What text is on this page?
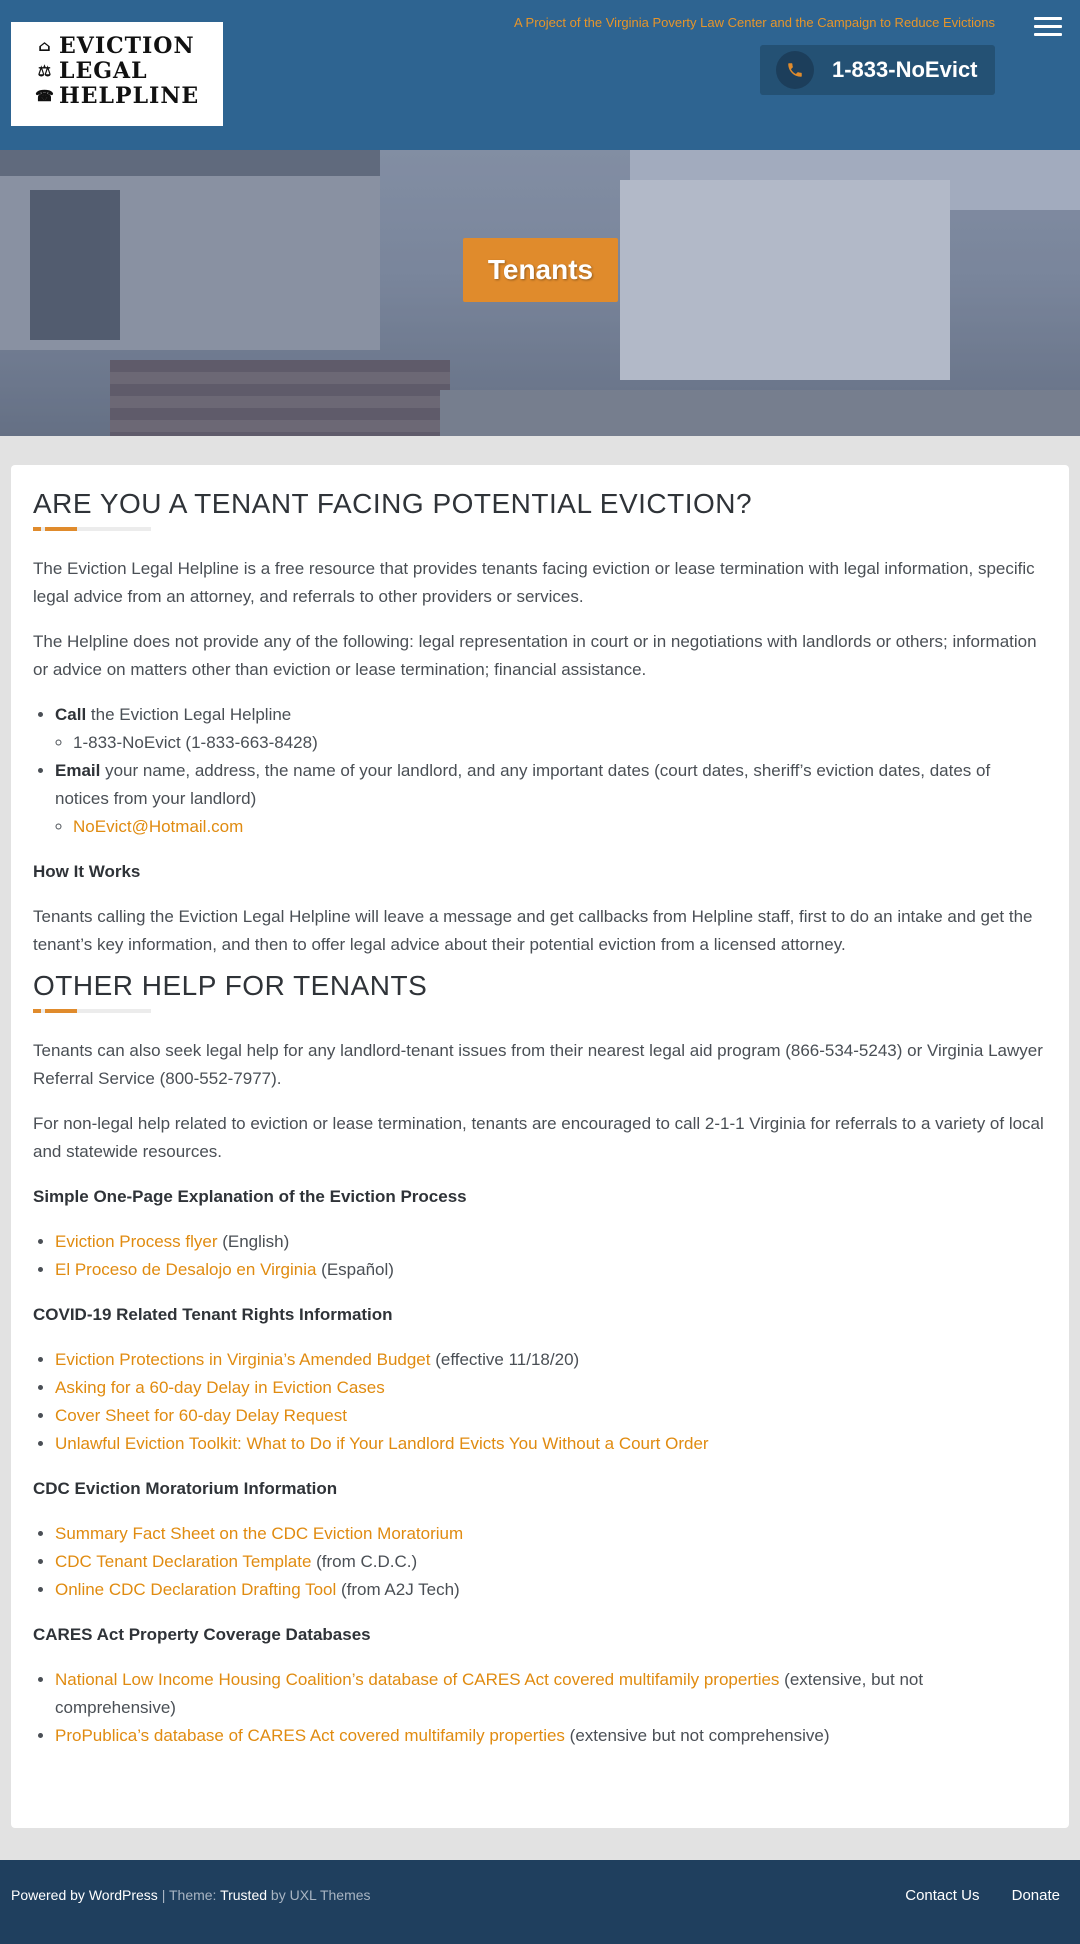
⌂ EVICTION
⚖ LEGAL
☎ HELPLINE
A Project of the Virginia Poverty Law Center and the Campaign to Reduce Evictions
1-833-NoEvict
Tenants
ARE YOU A TENANT FACING POTENTIAL EVICTION?

The Eviction Legal Helpline is a free resource that provides tenants facing eviction or lease termination with legal information, specific legal advice from an attorney, and referrals to other providers or services.

The Helpline does not provide any of the following: legal representation in court or in negotiations with landlords or others; information or advice on matters other than eviction or lease termination; financial assistance.

• Call the Eviction Legal Helpline
◦ 1-833-NoEvict (1-833-663-8428)
• Email your name, address, the name of your landlord, and any important dates (court dates, sheriff’s eviction dates, dates of notices from your landlord)
◦ NoEvict@Hotmail.com
How It Works

Tenants calling the Eviction Legal Helpline will leave a message and get callbacks from Helpline staff, first to do an intake and get the tenant’s key information, and then to offer legal advice about their potential eviction from a licensed attorney.

OTHER HELP FOR TENANTS

Tenants can also seek legal help for any landlord-tenant issues from their nearest legal aid program (866-534-5243) or Virginia Lawyer Referral Service (800-552-7977).

For non-legal help related to eviction or lease termination, tenants are encouraged to call 2-1-1 Virginia for referrals to a variety of local and statewide resources.

Simple One-Page Explanation of the Eviction Process
• Eviction Process flyer (English)
• El Proceso de Desalojo en Virginia (Español)
COVID-19 Related Tenant Rights Information
• Eviction Protections in Virginia’s Amended Budget (effective 11/18/20)
• Asking for a 60-day Delay in Eviction Cases
• Cover Sheet for 60-day Delay Request
• Unlawful Eviction Toolkit: What to Do if Your Landlord Evicts You Without a Court Order
CDC Eviction Moratorium Information
• Summary Fact Sheet on the CDC Eviction Moratorium
• CDC Tenant Declaration Template (from C.D.C.)
• Online CDC Declaration Drafting Tool (from A2J Tech)
CARES Act Property Coverage Databases
• National Low Income Housing Coalition’s database of CARES Act covered multifamily properties (extensive, but not comprehensive)
• ProPublica’s database of CARES Act covered multifamily properties (extensive but not comprehensive)
Powered by WordPress | Theme: Trusted by UXL Themes	Contact Us Donate
